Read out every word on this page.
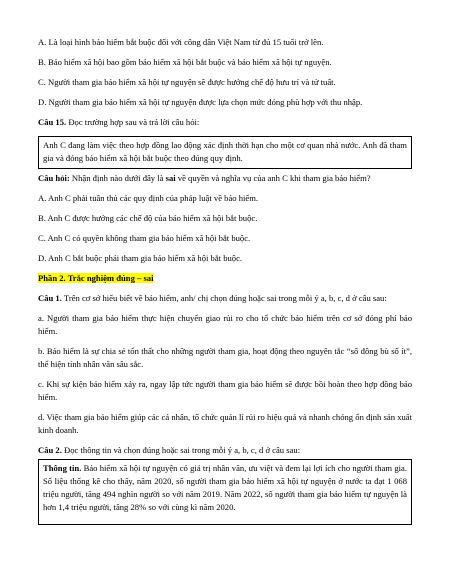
A. Là loại hình bảo hiểm bắt buộc đối với công dân Việt Nam từ đủ 15 tuổi trở lên.

B. Bảo hiểm xã hội bao gồm bảo hiểm xã hội bắt buộc và bảo hiểm xã hội tự nguyện.

C. Người tham gia bảo hiểm xã hội tự nguyện sẽ được hưởng chế độ hưu trí và tử tuất.

D. Người tham gia bảo hiểm xã hội tự nguyện được lựa chọn mức đóng phù hợp với thu nhập.

Câu 15. Đọc trường hợp sau và trả lời câu hỏi:

Anh C đang làm việc theo hợp đồng lao động xác định thời hạn cho một cơ quan nhà nước. Anh đã tham gia và đóng bảo hiểm xã hội bắt buộc theo đúng quy định.

Câu hỏi: Nhận định nào dưới đây là sai về quyền và nghĩa vụ của anh C khi tham gia bảo hiểm?

A. Anh C phải tuân thủ các quy định của pháp luật về bảo hiểm.

B. Anh C được hưởng các chế độ của bảo hiểm xã hội bắt buộc.

C. Anh C có quyền không tham gia bảo hiểm xã hội bắt buộc.

D. Anh C bắt buộc phải tham gia bảo hiểm xã hội bắt buộc.

Phần 2. Trắc nghiệm đúng – sai

Câu 1. Trên cơ sở hiểu biết về bảo hiểm, anh/ chị chọn đúng hoặc sai trong mỗi ý a, b, c, d ở câu sau:

a. Người tham gia bảo hiểm thực hiện chuyển giao rủi ro cho tổ chức bảo hiểm trên cơ sở đóng phí bảo hiểm.

b. Bảo hiểm là sự chia sẻ tổn thất cho những người tham gia, hoạt động theo nguyên tắc “số đông bù số ít”, thể hiện tính nhân văn sâu sắc.

c. Khi sự kiện bảo hiểm xảy ra, ngay lập tức người tham gia bảo hiểm sẽ được bồi hoàn theo hợp đồng bảo hiểm.

d. Việc tham gia bảo hiểm giúp các cá nhân, tổ chức quản lí rủi ro hiệu quả và nhanh chóng ổn định sản xuất kinh doanh.

Câu 2. Đọc thông tin và chọn đúng hoặc sai trong mỗi ý a, b, c, d ở câu sau:

Thông tin. Bảo hiểm xã hội tự nguyện có giá trị nhân văn, ưu việt và đem lại lợi ích cho người tham gia. Số liệu thống kê cho thấy, năm 2020, số người tham gia bảo hiểm xã hội tự nguyện ở nước ta đạt 1 068 triệu người, tăng 494 nghìn người so với năm 2019. Năm 2022, số người tham gia bảo hiểm tự nguyện là hơn 1,4 triệu người, tăng 28% so với cùng kì năm 2020.
